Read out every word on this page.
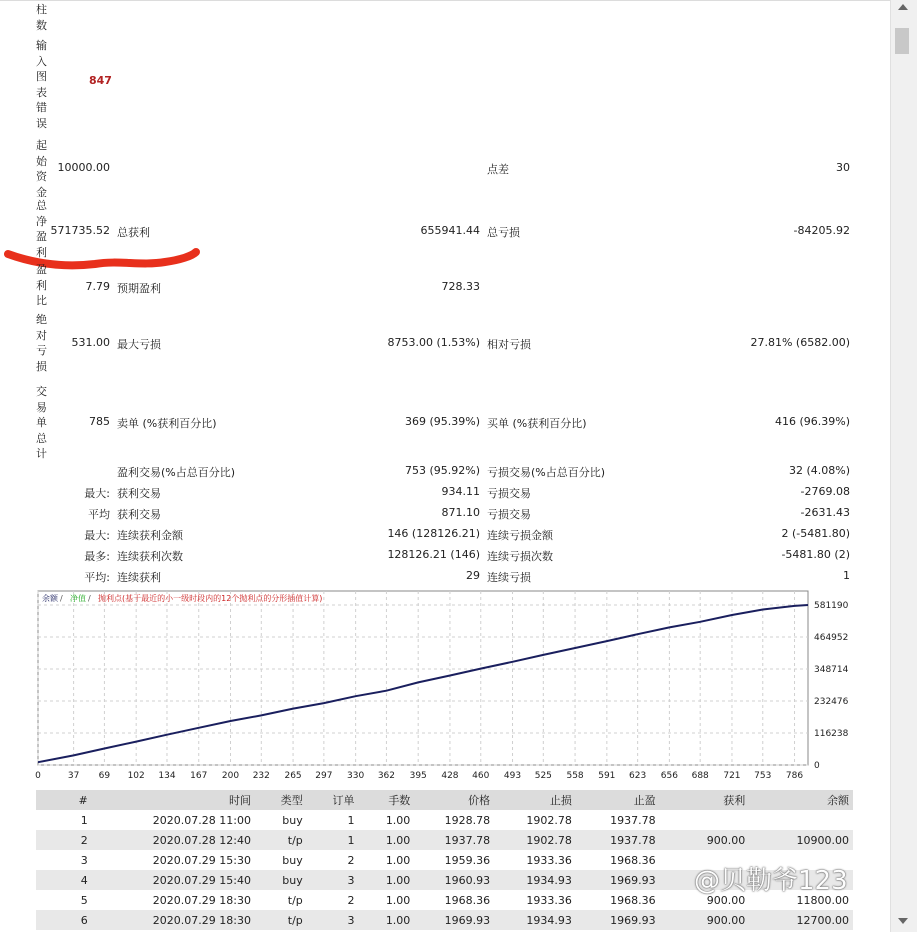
柱数
输入图表错误
847
起始资金
10000.00	点差	30
总净盈利
571735.52 总获利	655941.44 总亏损	-84205.92
盈利比
7.79 预期盈利	728.33
绝对亏损
531.00 最大亏损	8753.00 (1.53%) 相对亏损	27.81% (6582.00)
交易单总计
785 卖单 (%获利百分比)	369 (95.39%) 买单 (%获利百分比)	416 (96.39%)
盈利交易(%占总百分比)	753 (95.92%) 亏损交易(%占总百分比)	32 (4.08%)
最大: 获利交易	934.11 亏损交易	-2769.08
平均 获利交易	871.10 亏损交易	-2631.43
最大: 连续获利金额	146 (128126.21) 连续亏损金额	2 (-5481.80)
最多: 连续获利次数	128126.21 (146) 连续亏损次数	-5481.80 (2)
平均: 连续获利	29 连续亏损	1
0	37 69 102 134 167 200 232 265 297 330 362 395 428 460 493 525 558 591 623 656 688 721 753 786
0
116238
232476
348714
464952
581190
余额 / 净值 / 抛利点(基于最近的小一级时段内的12个抛利点的分形插值计算)
#	时间	类型	订单	手数	价格	止损	止盈	获利	余额
1	2020.07.28 11:00	buy	1	1.00	1928.78	1902.78	1937.78		
2	2020.07.28 12:40	t/p	1	1.00	1937.78	1902.78	1937.78	900.00	10900.00
3	2020.07.29 15:30	buy	2	1.00	1959.36	1933.36	1968.36		
4	2020.07.29 15:40	buy	3	1.00	1960.93	1934.93	1969.93		
5	2020.07.29 18:30	t/p	2	1.00	1968.36	1933.36	1968.36	900.00	11800.00
6	2020.07.29 18:30	t/p	3	1.00	1969.93	1934.93	1969.93	900.00	12700.00
@贝勒爷123
